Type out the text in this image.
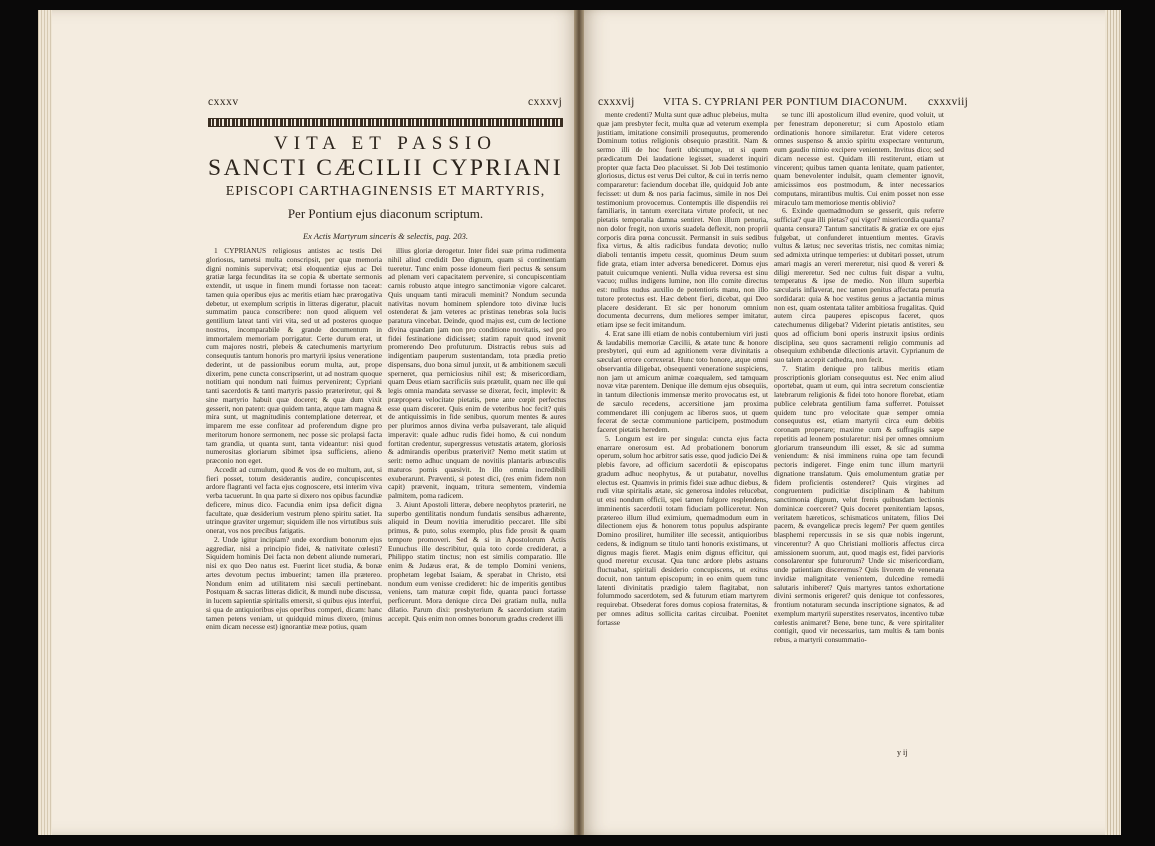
cxxxv	cxxxvj
VITA ET PASSIO
SANCTI CÆCILII CYPRIANI
EPISCOPI CARTHAGINENSIS ET MARTYRIS,
Per Pontium ejus diaconum scriptum.
Ex Actis Martyrum sinceris & selectis, pag. 203.

1 CYPRIANUS religiosus antistes ac testis Dei gloriosus, tametsi multa conscripsit, per quæ memoria digni nominis supervivat; etsi eloquentiæ ejus ac Dei gratiæ larga fecunditas ita se copia & ubertate sermonis extendit, ut usque in finem mundi fortasse non taceat: tamen quia operibus ejus ac meritis etiam hæc prærogativa debetur, ut exemplum scriptis in litteras digeratur, placuit summatim pauca conscribere: non quod aliquem vel gentilium lateat tanti viri vita, sed ut ad posteros quoque nostros, incomparabile & grande documentum in immortalem memoriam porrigatur. Certe durum erat, ut cum majores nostri, plebeis & catechumenis martyrium consequutis tantum honoris pro martyrii ipsius veneratione dederint, ut de passionibus eorum multa, aut, prope dixerim, pene cuncta conscripserint, ut ad nostram quoque notitiam qui nondum nati fuimus pervenirent; Cypriani tanti sacerdotis & tanti martyris passio præteriretur, qui & sine martyrio habuit quæ doceret; & quæ dum vixit gesserit, non patent: quæ quidem tanta, atque tam magna & mira sunt, ut magnitudinis contemplatione deterrear, et imparem me esse confitear ad proferendum digne pro meritorum honore sermonem, nec posse sic prolapsi facta tam grandia, ut quanta sunt, tanta videantur: nisi quod numerositas gloriarum sibimet ipsa sufficiens, alieno præconio non eget.

Accedit ad cumulum, quod & vos de eo multum, aut, si fieri posset, totum desiderantis audire, concupiscentes ardore flagranti vel facta ejus cognoscere, etsi interim viva verba tacuerunt. In qua parte si dixero nos opibus facundiæ deficere, minus dico. Facundia enim ipsa deficit digna facultate, quæ desiderium vestrum pleno spiritu satiet. Ita utrinque graviter urgemur; siquidem ille nos virtutibus suis onerat, vos nos precibus fatigatis.

2. Unde igitur incipiam? unde exordium bonorum ejus aggrediar, nisi a principio fidei, & nativitate cœlesti? Siquidem hominis Dei facta non debent aliunde numerari, nisi ex quo Deo natus est. Fuerint licet studia, & bonæ artes devotum pectus imbuerint; tamen illa prætereo. Nondum enim ad utilitatem nisi sæculi pertinebant. Postquam & sacras litteras didicit, & mundi nube discussa, in lucem sapientiæ spiritalis emersit, si quibus ejus interfui, si qua de antiquioribus ejus operibus comperi, dicam: hanc tamen petens veniam, ut quidquid minus dixero, (minus enim dicam necesse est) ignorantiæ meæ potius, quam

illius gloriæ derogetur. Inter fidei suæ prima rudimenta nihil aliud credidit Deo dignum, quam si continentiam tueretur. Tunc enim posse idoneum fieri pectus & sensum ad plenam veri capacitatem pervenire, si concupiscentiam carnis robusto atque integro sanctimoniæ vigore calcaret. Quis unquam tanti miraculi meminit? Nondum secunda nativitas novum hominem splendore toto divinæ lucis ostenderat & jam veteres ac pristinas tenebras sola lucis paratura vincebat. Deinde, quod majus est, cum de lectione divina quædam jam non pro conditione novitatis, sed pro fidei festinatione didicisset; statim rapuit quod invenit promerendo Deo profuturum. Distractis rebus suis ad indigentiam pauperum sustentandam, tota prædia pretio dispensans, duo bona simul junxit, ut & ambitionem sæculi sperneret, qua perniciosius nihil est; & misericordiam, quam Deus etiam sacrificiis suis prætulit, quam nec ille qui legis omnia mandata servasse se dixerat, fecit, implevit: & præpropera velocitate pietatis, pene ante cœpit perfectus esse quam disceret. Quis enim de veteribus hoc fecit? quis de antiquissimis in fide senibus, quorum mentes & aures per plurimos annos divina verba pulsaverant, tale aliquid imperavit: quale adhuc rudis fidei homo, & cui nondum fortitan credentur, supergressus vetustatis ætatem, gloriosis & admirandis operibus præterivit? Nemo metit statim ut serit: nemo adhuc unquam de novitiis plantaris arbusculis maturos pomis quæsivit. In illo omnia incredibili exuberarunt. Præventi, si potest dici, (res enim fidem non capit) prævenit, inquam, tritura sementem, vindemia palmitem, poma radicem.

3. Aiunt Apostoli litteræ, debere neophytos præteriri, ne superbo gentilitatis nondum fundatis sensibus adhærente, aliquid in Deum novitia imeruditio peccaret. Ille sibi primus, & puto, solus exemplo, plus fide prosit & quam tempore promoveri. Sed & si in Apostolorum Actis Eunuchus ille describitur, quia toto corde crediderat, a Philippo statim tinctus; non est similis comparatio. Ille enim & Judæus erat, & de templo Domini veniens, prophetam legebat Isaiam, & sperabat in Christo, etsi nondum eum venisse credideret: hic de imperitis gentibus veniens, tam maturæ cœpit fide, quanta pauci fortasse perficerunt. Mora denique circa Dei gratiam nulla, nulla dilatio. Parum dixi: presbyterium & sacerdotium statim accepit. Quis enim non omnes bonorum gradus crederet illi

cxxxvij	VITA S. CYPRIANI PER PONTIUM DIACONUM. cxxxviij

mente credenti? Multa sunt quæ adhuc plebeius, multa quæ jam presbyter fecit, multa quæ ad veterum exempla justitiam, imitatione consimili prosequutus, promerendo Dominum totius religionis obsequio præstitit. Nam & sermo illi de hoc fuerit ubicumque, ut si quem prædicatum Dei laudatione legisset, suaderet inquiri propter quæ facta Deo placuisset. Si Job Dei testimonio gloriosus, dictus est verus Dei cultor, & cui in terris nemo compararetur: faciendum docebat ille, quidquid Job ante fecisset: ut dum & nos paria facimus, simile in nos Dei testimonium provocemus. Contemptis ille dispendiis rei familiaris, in tantum exercitata virtute profecit, ut nec pietatis temporalia damna sentiret. Non illum penuria, non dolor fregit, non uxoris suadela deflexit, non proprii corporis dira pœna concussit. Permansit in suis sedibus fixa virtus, & altis radicibus fundata devotio; nullo diaboli tentantis impetu cessit, quominus Deum suum fide grata, etiam inter adversa benediceret. Domus ejus patuit cuicumque venienti. Nulla vidua reversa est sinu vacuo; nullus indigens lumine, non illo comite directus est: nullus nudus auxilio de potentioris manu, non illo tutore protectus est. Hæc debent fieri, dicebat, qui Deo placere desiderant. Et sic per honorum omnium documenta decurrens, dum meliores semper imitatur, etiam ipse se fecit imitandum.

4. Erat sane illi etiam de nobis contubernium viri justi & laudabilis memoriæ Cæcilii, & ætate tunc & honore presbyteri, qui eum ad agnitionem veræ divinitatis a sæculari errore correxerat. Hunc toto honore, atque omni observantia diligebat, obsequenti veneratione suspiciens, non jam ut amicum animæ coæqualem, sed tamquam novæ vitæ parentem. Denique ille demum ejus obsequiis, in tantum dilectionis immensæ merito provocatus est, ut de sæculo recedens, accersitione jam proxima commendaret illi conjugem ac liberos suos, ut quem fecerat de sectæ communione participem, postmodum faceret pietatis heredem.

5. Longum est ire per singula: cuncta ejus facta enarrare onerosum est. Ad probationem bonorum operum, solum hoc arbitror satis esse, quod judicio Dei & plebis favore, ad officium sacerdotii & episcopatus gradum adhuc neophytus, & ut putabatur, novellus electus est. Quamvis in primis fidei suæ adhuc diebus, & rudi vitæ spiritalis ætate, sic generosa indoles relucebat, ut etsi nondum officii, spei tamen fulgore resplendens, imminentis sacerdotii totam fiduciam polliceretur. Non prætereo illum illud eximium, quemadmodum eum in dilectionem ejus & honorem totus populus adspirante Domino prosiliret, humiliter ille secessit, antiquioribus cedens, & indignum se titulo tanti honoris existimans, ut dignus magis fieret. Magis enim dignus efficitur, qui quod meretur excusat. Qua tunc ardore plebs astuans fluctuabat, spiritali desiderio concupiscens, ut exitus docuit, non tantum episcopum; in eo enim quem tunc latenti divinitatis prædigio talem flagitabat, non folummodo sacerdotem, sed & futurum etiam martyrem requirebat. Obsederat fores domus copiosa fraternitas, & per omnes aditus sollicita caritas circuibat. Poenitet fortasse

se tunc illi apostolicum illud evenire, quod voluit, ut per fenestram deponeretur; si cum Apostolo etiam ordinationis honore similaretur. Erat videre ceteros omnes suspenso & anxio spiritu exspectare venturum, eum gaudio nimio excipere venientem. Invitus dico; sed dicam necesse est. Quidam illi restiterunt, etiam ut vincerent; quibus tamen quanta lenitate, quam patienter, quam benevolenter indulsit, quam clementer ignovit, amicissimos eos postmodum, & inter necessarios computans, mirantibus multis. Cui enim posset non esse miraculo tam memoriose mentis oblivio?

6. Exinde quemadmodum se gesserit, quis referre sufficiat? quæ illi pietas? qui vigor? misericordia quanta? quanta censura? Tantum sanctitatis & gratiæ ex ore ejus fulgebat, ut confunderet intuentium mentes. Gravis vultus & lætus; nec severitas tristis, nec comitas nimia; sed admixta utrinque temperies: ut dubitari posset, utrum amari magis an vereri mereretur, nisi quod & vereri & diligi mereretur. Sed nec cultus fuit dispar a vultu, temperatus & ipse de medio. Non illum superbia sæcularis inflaverat, nec tamen penitus affectata penuria sordidarat: quia & hoc vestitus genus a jactantia minus non est, quam ostentata taliter ambitiosa frugalitas. Quid autem circa pauperes episcopus faceret, quos catechumenus diligebat? Viderint pietatis antistites, seu quos ad officium boni operis instruxit ipsius ordinis disciplina, seu quos sacramenti religio communis ad obsequium exhibendæ dilectionis artavit. Cyprianum de suo talem accepit cathedra, non fecit.

7. Statim denique pro talibus meritis etiam proscriptionis gloriam consequutus est. Nec enim aliud oportebat, quam ut eum, qui intra secretum conscientiæ latebrarum religionis & fidei toto honore florebat, etiam publice celebrata gentilium fama sufferret. Potuisset quidem tunc pro velocitate quæ semper omnia consequutus est, etiam martyrii circa eum debitis coronam properare; maxime cum & suffragiis sæpe repetitis ad leonem postularetur: nisi per omnes omnium gloriarum transeundum illi esset, & sic ad summa veniendum: & nisi imminens ruina ope tam fecundi pectoris indigeret. Finge enim tunc illum martyrii dignatione translatum. Quis emolumentum gratiæ per fidem proficientis ostenderet? Quis virgines ad congruentem pudicitiæ disciplinam & habitum sanctimonia dignum, velut frenis quibusdam lectionis dominicæ coerceret? Quis doceret pœnitentiam lapsos, veritatem hæreticos, schismaticos unitatem, filios Dei pacem, & evangelicæ precis legem? Per quem gentiles blasphemi repercussis in se sis quæ nobis ingerunt, vincerentur? A quo Christiani mollioris affectus circa amissionem suorum, aut, quod magis est, fidei parvioris consolarentur spe futurorum? Unde sic misericordiam, unde patientiam disceremus? Quis livorem de venenata invidiæ malignitate venientem, dulcedine remedii salutaris inhiberet? Quis martyres tantos exhortatione divini sermonis erigeret? quis denique tot confessores, frontium notaturam secunda inscriptione signatos, & ad exemplum martyrii superstites reservatos, incentivo tubæ cœlestis animaret? Bene, bene tunc, & vere spiritaliter contigit, quod vir necessarius, tam multis & tam bonis rebus, a martyrii consummatio-

y ij
